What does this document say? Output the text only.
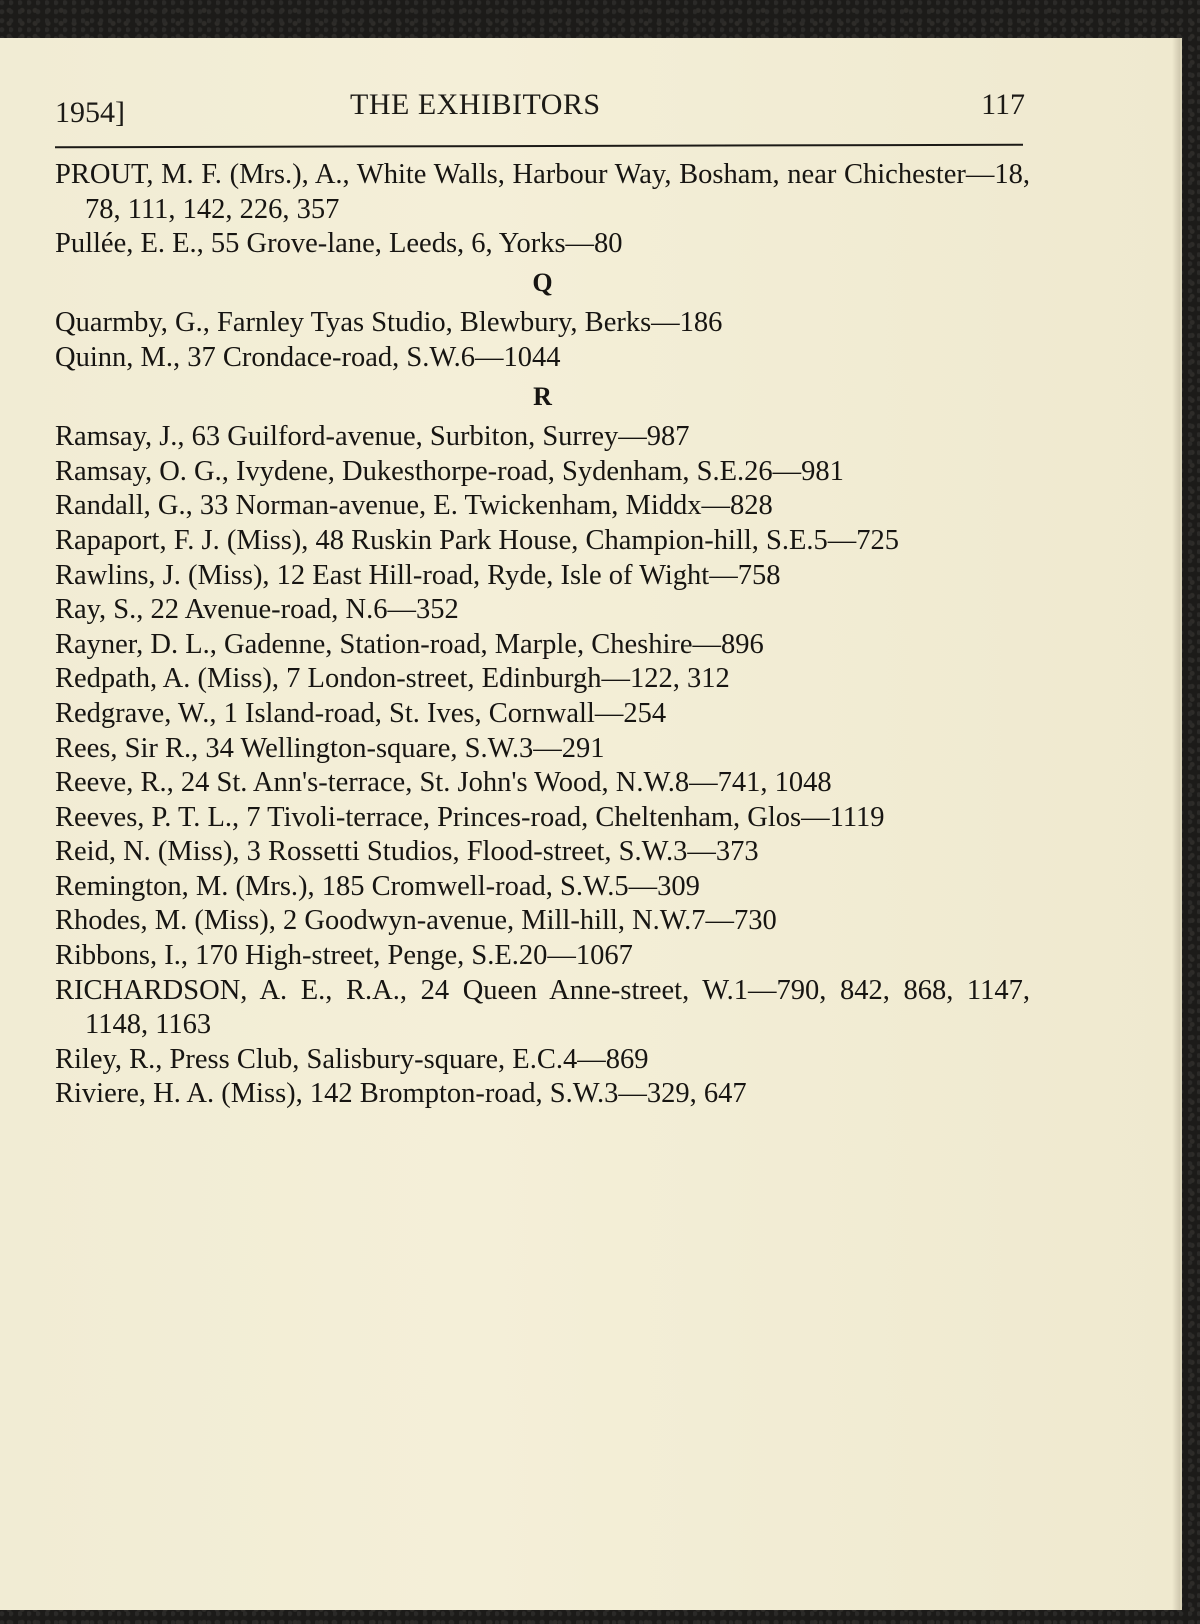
1954]	THE EXHIBITORS	117
PROUT, M. F. (Mrs.), A., White Walls, Harbour Way, Bosham, near Chichester—18, 78, 111, 142, 226, 357
Pullée, E. E., 55 Grove-lane, Leeds, 6, Yorks—80
Q
Quarmby, G., Farnley Tyas Studio, Blewbury, Berks—186
Quinn, M., 37 Crondace-road, S.W.6—1044
R
Ramsay, J., 63 Guilford-avenue, Surbiton, Surrey—987
Ramsay, O. G., Ivydene, Dukesthorpe-road, Sydenham, S.E.26—981
Randall, G., 33 Norman-avenue, E. Twickenham, Middx—828
Rapaport, F. J. (Miss), 48 Ruskin Park House, Champion-hill, S.E.5—725
Rawlins, J. (Miss), 12 East Hill-road, Ryde, Isle of Wight—758
Ray, S., 22 Avenue-road, N.6—352
Rayner, D. L., Gadenne, Station-road, Marple, Cheshire—896
Redpath, A. (Miss), 7 London-street, Edinburgh—122, 312
Redgrave, W., 1 Island-road, St. Ives, Cornwall—254
Rees, Sir R., 34 Wellington-square, S.W.3—291
Reeve, R., 24 St. Ann's-terrace, St. John's Wood, N.W.8—741, 1048
Reeves, P. T. L., 7 Tivoli-terrace, Princes-road, Cheltenham, Glos—1119
Reid, N. (Miss), 3 Rossetti Studios, Flood-street, S.W.3—373
Remington, M. (Mrs.), 185 Cromwell-road, S.W.5—309
Rhodes, M. (Miss), 2 Goodwyn-avenue, Mill-hill, N.W.7—730
Ribbons, I., 170 High-street, Penge, S.E.20—1067
RICHARDSON, A. E., R.A., 24 Queen Anne-street, W.1—790, 842, 868, 1147, 1148, 1163
Riley, R., Press Club, Salisbury-square, E.C.4—869
Riviere, H. A. (Miss), 142 Brompton-road, S.W.3—329, 647
